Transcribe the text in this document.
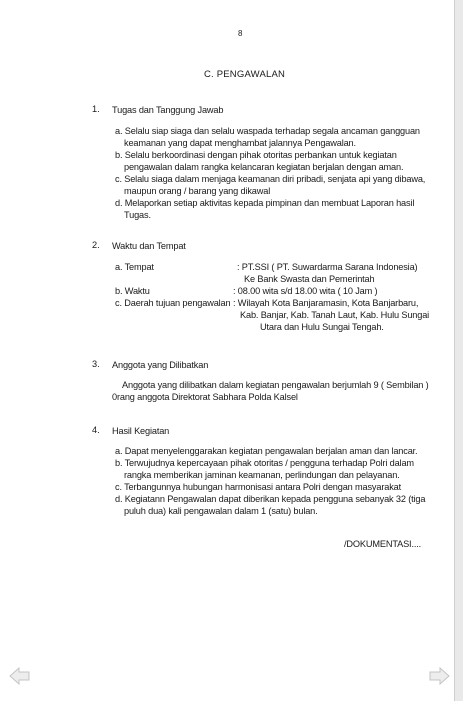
8
C. PENGAWALAN
1. Tugas dan Tanggung Jawab
a. Selalu siap siaga dan selalu waspada terhadap segala ancaman gangguan
keamanan yang dapat menghambat jalannya Pengawalan.
b. Selalu berkoordinasi dengan pihak otoritas perbankan untuk kegiatan
pengawalan dalam rangka kelancaran kegiatan berjalan dengan aman.
c. Selalu siaga dalam menjaga keamanan diri pribadi, senjata api yang dibawa,
maupun orang / barang yang dikawal
d. Melaporkan setiap aktivitas kepada pimpinan dan membuat Laporan hasil
Tugas.
2. Waktu dan Tempat
a. Tempat	: PT.SSI ( PT. Suwardarma Sarana Indonesia)
Ke Bank Swasta dan Pemerintah
b. Waktu	: 08.00 wita s/d 18.00 wita ( 10 Jam )
c. Daerah tujuan pengawalan : Wilayah Kota Banjaramasin, Kota Banjarbaru,
Kab. Banjar, Kab. Tanah Laut, Kab. Hulu Sungai
Utara dan Hulu Sungai Tengah.
3. Anggota yang Dilibatkan
Anggota yang dilibatkan dalam kegiatan pengawalan berjumlah 9 ( Sembilan )
0rang anggota Direktorat Sabhara Polda Kalsel
4. Hasil Kegiatan
a. Dapat menyelenggarakan kegiatan pengawalan berjalan aman dan lancar.
b. Terwujudnya kepercayaan pihak otoritas / pengguna terhadap Polri dalam
rangka memberikan jaminan keamanan, perlindungan dan pelayanan.
c. Terbangunnya hubungan harmonisasi antara Polri dengan masyarakat
d. Kegiatann Pengawalan dapat diberikan kepada pengguna sebanyak 32 (tiga
puluh dua) kali pengawalan dalam 1 (satu) bulan.
/DOKUMENTASI....
